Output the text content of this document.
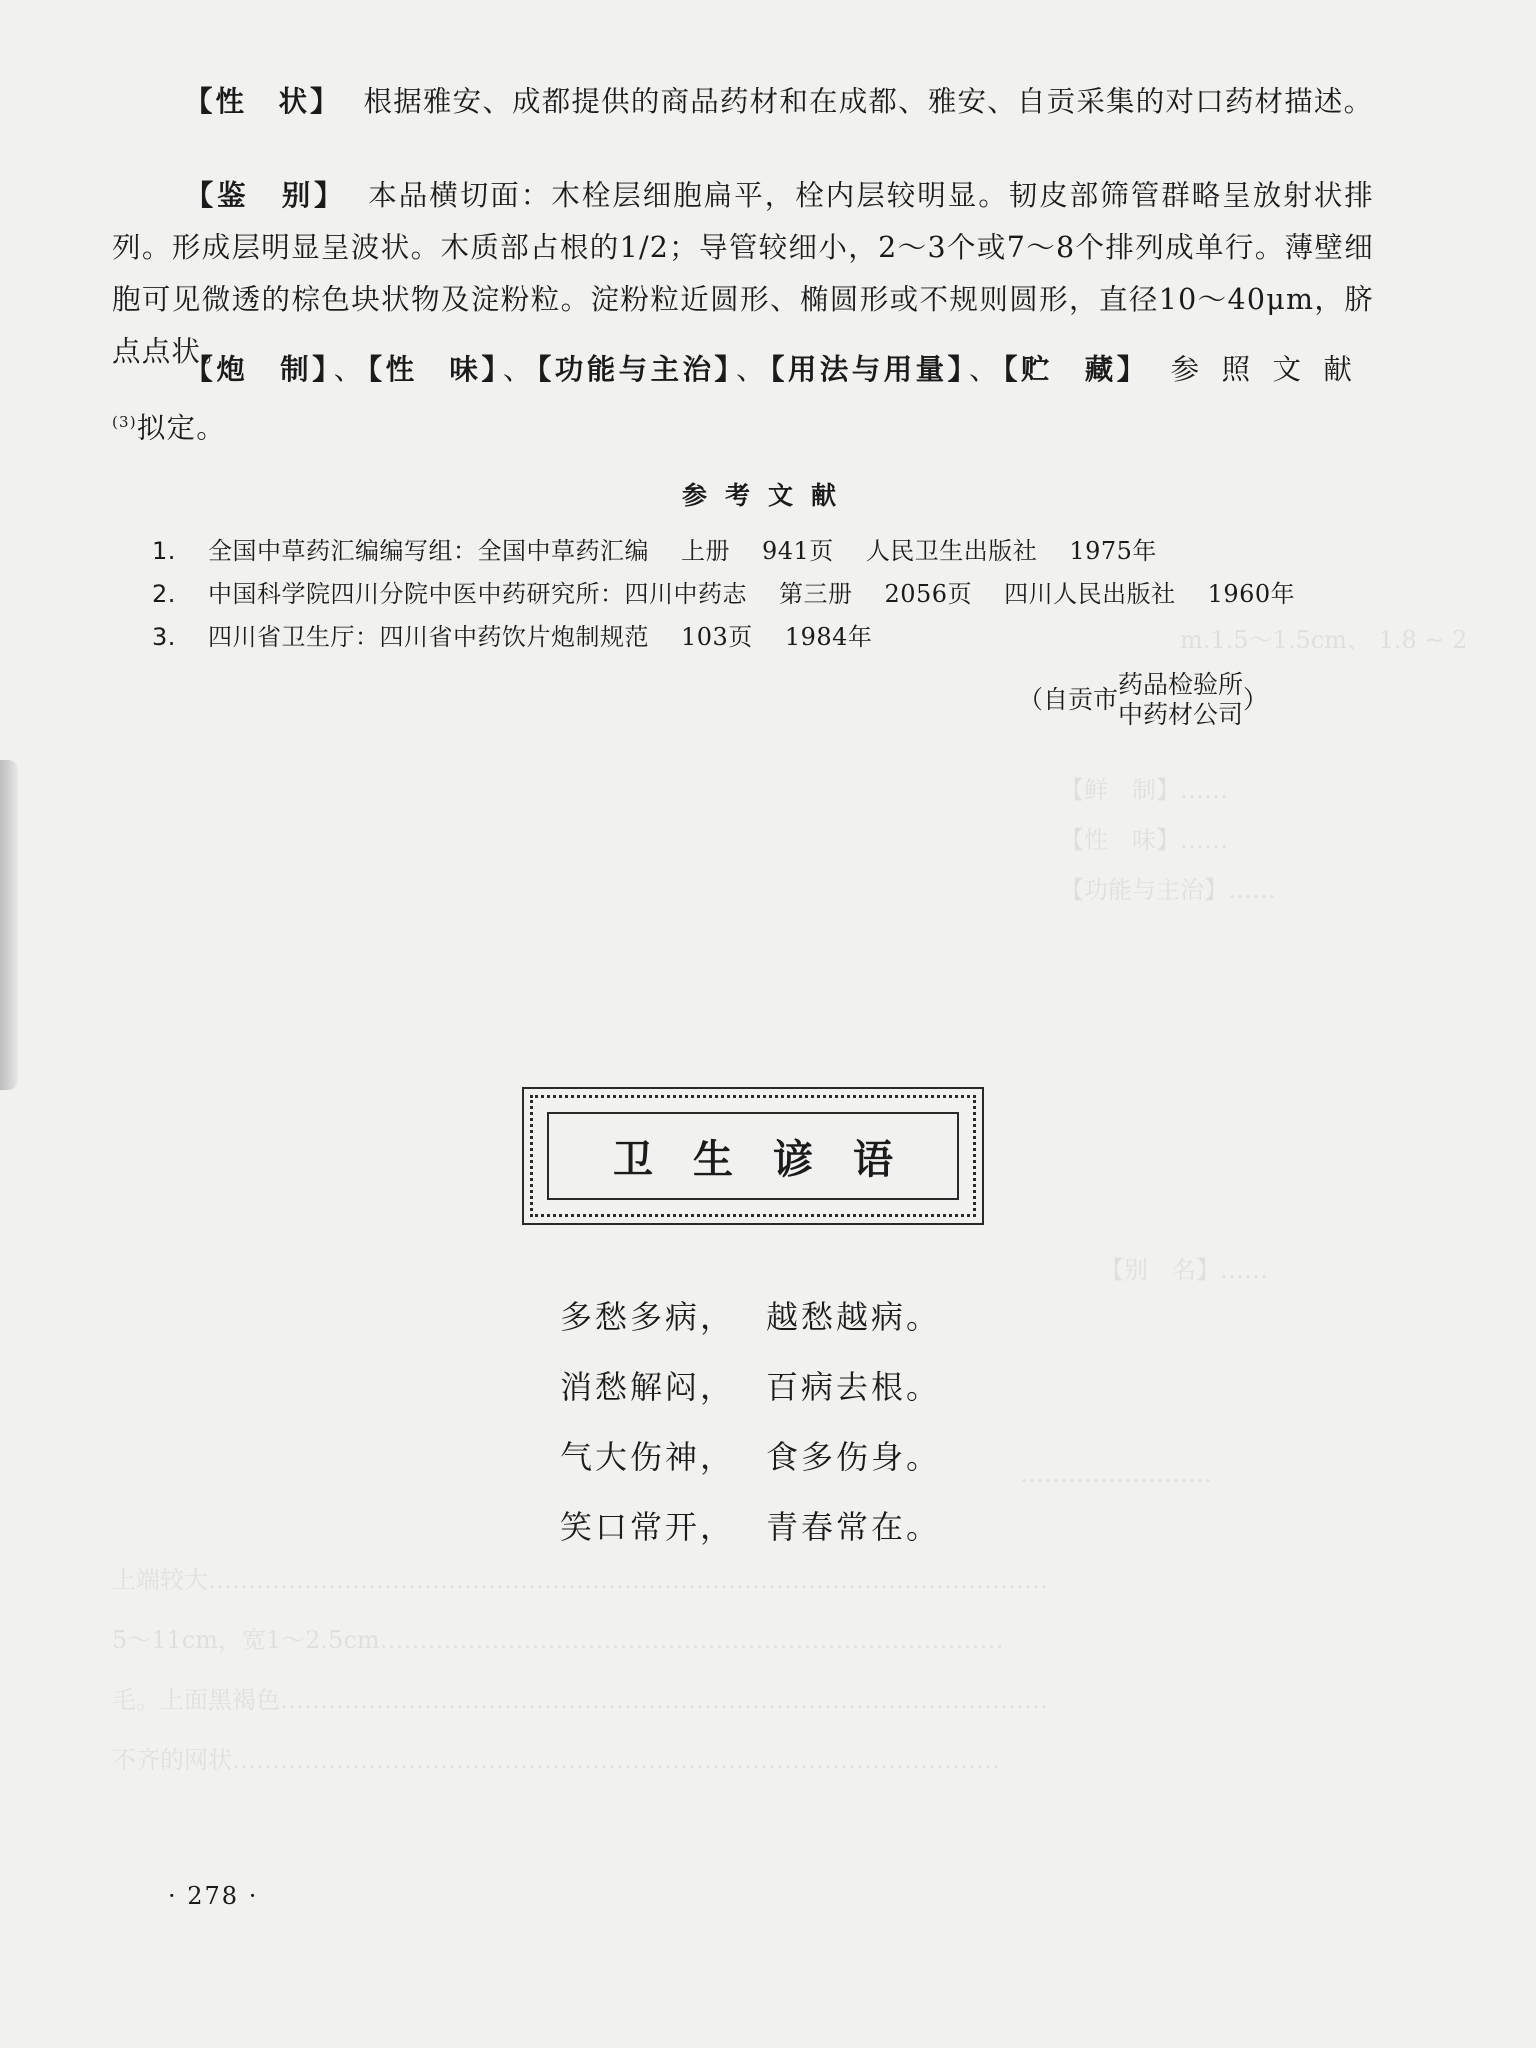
m.1.5～1.5cm、 1.8 ~ 2
【鲜　制】……
【性　味】……
【功能与主治】……
【别　名】……
……………………
上端较大……………………………………………………………………………………………
5～11cm，宽1～2.5cm……………………………………………………………………
毛。上面黑褐色……………………………………………………………………………………
不齐的网状……………………………………………………………………………………

【性　状】 根据雅安、成都提供的商品药材和在成都、雅安、自贡采集的对口药材描述。

【鉴　别】 本品横切面：木栓层细胞扁平，栓内层较明显。韧皮部筛管群略呈放射状排列。形成层明显呈波状。木质部占根的1/2；导管较细小，2～3个或7～8个排列成单行。薄壁细胞可见微透的棕色块状物及淀粉粒。淀粉粒近圆形、椭圆形或不规则圆形，直径10～40μm，脐点点状。

【炮　制】 、 【性　味】 、 【功能与主治】 、 【用法与用量】 、 【贮　藏】 参照文献$^{(3)}$拟定。

参考文献
1. 全国中草药汇编编写组：全国中草药汇编 上册 941页 人民卫生出版社 1975年
2. 中国科学院四川分院中医中药研究所：四川中药志 第三册 2056页 四川人民出版社 1960年
3. 四川省卫生厅：四川省中药饮片炮制规范 103页 1984年
（自贡市
药品检验所
中药材公司
）
卫生谚语
多愁多病， 越愁越病。
消愁解闷， 百病去根。
气大伤神， 食多伤身。
笑口常开， 青春常在。
· 278 ·
